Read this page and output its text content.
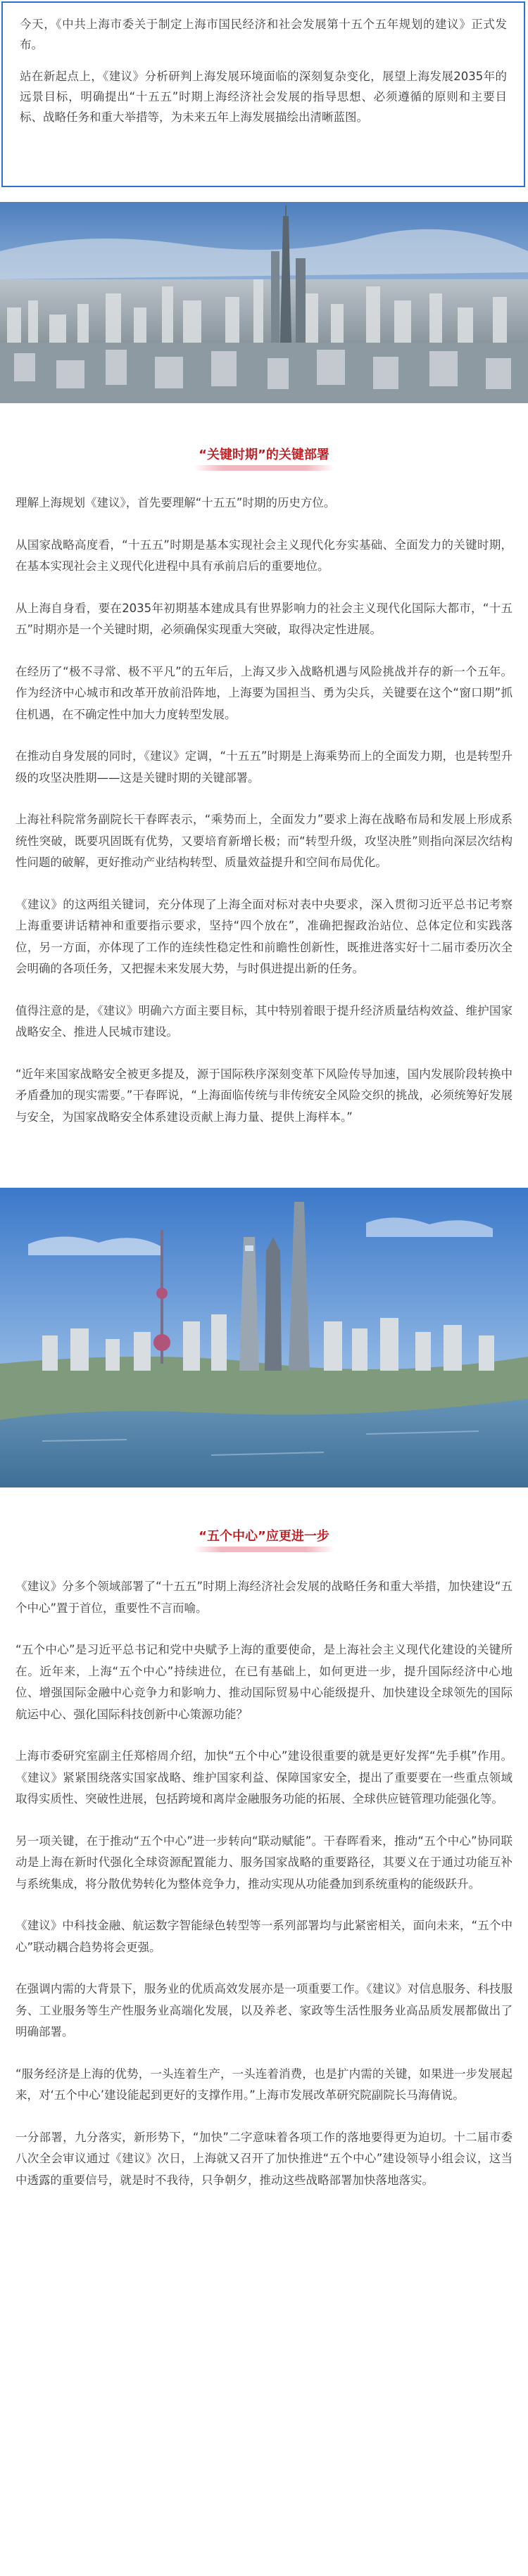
今天，《中共上海市委关于制定上海市国民经济和社会发展第十五个五年规划的建议》正式发布。

站在新起点上，《建议》分析研判上海发展环境面临的深刻复杂变化，展望上海发展2035年的远景目标，明确提出“十五五”时期上海经济社会发展的指导思想、必须遵循的原则和主要目标、战略任务和重大举措等，为未来五年上海发展描绘出清晰蓝图。

“关键时期”的关键部署

理解上海规划《建议》，首先要理解“十五五”时期的历史方位。

从国家战略高度看，“十五五”时期是基本实现社会主义现代化夯实基础、全面发力的关键时期，在基本实现社会主义现代化进程中具有承前启后的重要地位。

从上海自身看，要在2035年初期基本建成具有世界影响力的社会主义现代化国际大都市，“十五五”时期亦是一个关键时期，必须确保实现重大突破，取得决定性进展。

在经历了“极不寻常、极不平凡”的五年后，上海又步入战略机遇与风险挑战并存的新一个五年。作为经济中心城市和改革开放前沿阵地，上海要为国担当、勇为尖兵，关键要在这个“窗口期”抓住机遇，在不确定性中加大力度转型发展。

在推动自身发展的同时，《建议》定调，“十五五”时期是上海乘势而上的全面发力期，也是转型升级的攻坚决胜期——这是关键时期的关键部署。

上海社科院常务副院长干春晖表示，“乘势而上，全面发力”要求上海在战略布局和发展上形成系统性突破，既要巩固既有优势，又要培育新增长极；而“转型升级，攻坚决胜”则指向深层次结构性问题的破解，更好推动产业结构转型、质量效益提升和空间布局优化。

《建议》的这两组关键词，充分体现了上海全面对标对表中央要求，深入贯彻习近平总书记考察上海重要讲话精神和重要指示要求，坚持“四个放在”，准确把握政治站位、总体定位和实践落位，另一方面，亦体现了工作的连续性稳定性和前瞻性创新性，既推进落实好十二届市委历次全会明确的各项任务，又把握未来发展大势，与时俱进提出新的任务。

值得注意的是，《建议》明确六方面主要目标，其中特别着眼于提升经济质量结构效益、维护国家战略安全、推进人民城市建设。

“近年来国家战略安全被更多提及，源于国际秩序深刻变革下风险传导加速，国内发展阶段转换中矛盾叠加的现实需要。”干春晖说，“上海面临传统与非传统安全风险交织的挑战，必须统筹好发展与安全，为国家战略安全体系建设贡献上海力量、提供上海样本。”

“五个中心”应更进一步

《建议》分多个领域部署了“十五五”时期上海经济社会发展的战略任务和重大举措，加快建设“五个中心”置于首位，重要性不言而喻。

“五个中心”是习近平总书记和党中央赋予上海的重要使命，是上海社会主义现代化建设的关键所在。近年来，上海“五个中心”持续进位，在已有基础上，如何更进一步，提升国际经济中心地位、增强国际金融中心竞争力和影响力、推动国际贸易中心能级提升、加快建设全球领先的国际航运中心、强化国际科技创新中心策源功能？

上海市委研究室副主任郑榕周介绍，加快“五个中心”建设很重要的就是更好发挥“先手棋”作用。《建议》紧紧围绕落实国家战略、维护国家利益、保障国家安全，提出了重要要在一些重点领域取得实质性、突破性进展，包括跨境和离岸金融服务功能的拓展、全球供应链管理功能强化等。

另一项关键，在于推动“五个中心”进一步转向“联动赋能”。干春晖看来，推动“五个中心”协同联动是上海在新时代强化全球资源配置能力、服务国家战略的重要路径，其要义在于通过功能互补与系统集成，将分散优势转化为整体竞争力，推动实现从功能叠加到系统重构的能级跃升。

《建议》中科技金融、航运数字智能绿色转型等一系列部署均与此紧密相关，面向未来，“五个中心”联动耦合趋势将会更强。

在强调内需的大背景下，服务业的优质高效发展亦是一项重要工作。《建议》对信息服务、科技服务、工业服务等生产性服务业高端化发展，以及养老、家政等生活性服务业高品质发展都做出了明确部署。

“服务经济是上海的优势，一头连着生产，一头连着消费，也是扩内需的关键，如果进一步发展起来，对‘五个中心’建设能起到更好的支撑作用。”上海市发展改革研究院副院长马海倩说。

一分部署，九分落实，新形势下，“加快”二字意味着各项工作的落地要得更为迫切。十二届市委八次全会审议通过《建议》次日，上海就又召开了加快推进“五个中心”建设领导小组会议，这当中透露的重要信号，就是时不我待，只争朝夕，推动这些战略部署加快落地落实。
